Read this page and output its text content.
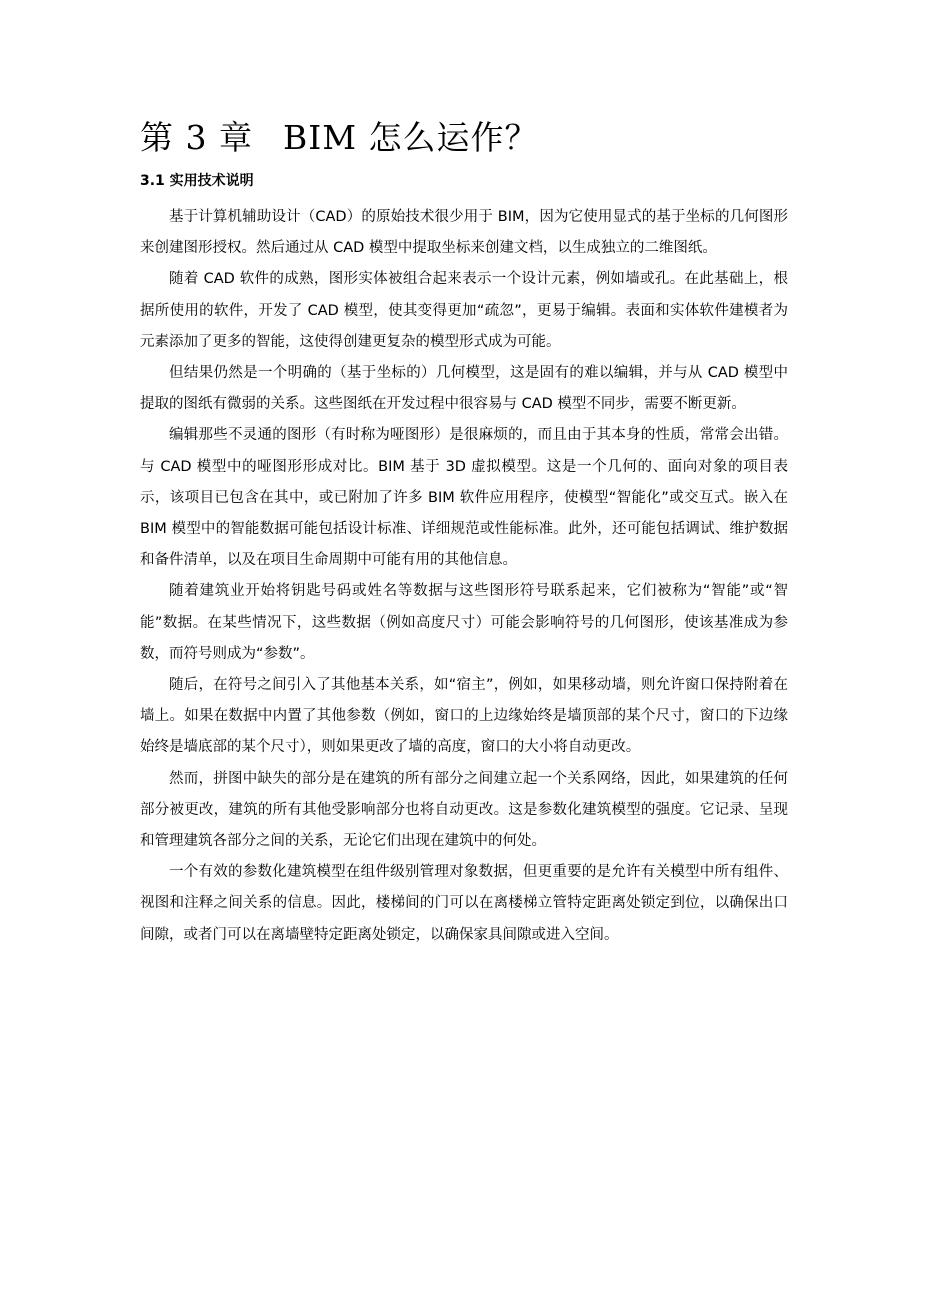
第 3 章 BIM 怎么运作？
3.1 实用技术说明

基于计算机辅助设计（CAD）的原始技术很少用于 BIM，因为它使用显式的基于坐标的几何图形来创建图形授权。然后通过从 CAD 模型中提取坐标来创建文档，以生成独立的二维图纸。

随着 CAD 软件的成熟，图形实体被组合起来表示一个设计元素，例如墙或孔。在此基础上，根据所使用的软件，开发了 CAD 模型，使其变得更加“疏忽”，更易于编辑。表面和实体软件建模者为元素添加了更多的智能，这使得创建更复杂的模型形式成为可能。

但结果仍然是一个明确的（基于坐标的）几何模型，这是固有的难以编辑，并与从 CAD 模型中提取的图纸有微弱的关系。这些图纸在开发过程中很容易与 CAD 模型不同步，需要不断更新。

编辑那些不灵通的图形（有时称为哑图形）是很麻烦的，而且由于其本身的性质，常常会出错。与 CAD 模型中的哑图形形成对比。BIM 基于 3D 虚拟模型。这是一个几何的、面向对象的项目表示，该项目已包含在其中，或已附加了许多 BIM 软件应用程序，使模型“智能化”或交互式。嵌入在 BIM 模型中的智能数据可能包括设计标准、详细规范或性能标准。此外，还可能包括调试、维护数据和备件清单，以及在项目生命周期中可能有用的其他信息。

随着建筑业开始将钥匙号码或姓名等数据与这些图形符号联系起来，它们被称为“智能”或“智能”数据。在某些情况下，这些数据（例如高度尺寸）可能会影响符号的几何图形，使该基准成为参数，而符号则成为“参数”。

随后，在符号之间引入了其他基本关系，如“宿主”，例如，如果移动墙，则允许窗口保持附着在墙上。如果在数据中内置了其他参数（例如，窗口的上边缘始终是墙顶部的某个尺寸，窗口的下边缘始终是墙底部的某个尺寸），则如果更改了墙的高度，窗口的大小将自动更改。

然而，拼图中缺失的部分是在建筑的所有部分之间建立起一个关系网络，因此，如果建筑的任何部分被更改，建筑的所有其他受影响部分也将自动更改。这是参数化建筑模型的强度。它记录、呈现和管理建筑各部分之间的关系，无论它们出现在建筑中的何处。

一个有效的参数化建筑模型在组件级别管理对象数据，但更重要的是允许有关模型中所有组件、视图和注释之间关系的信息。因此，楼梯间的门可以在离楼梯立管特定距离处锁定到位，以确保出口间隙，或者门可以在离墙壁特定距离处锁定，以确保家具间隙或进入空间。
